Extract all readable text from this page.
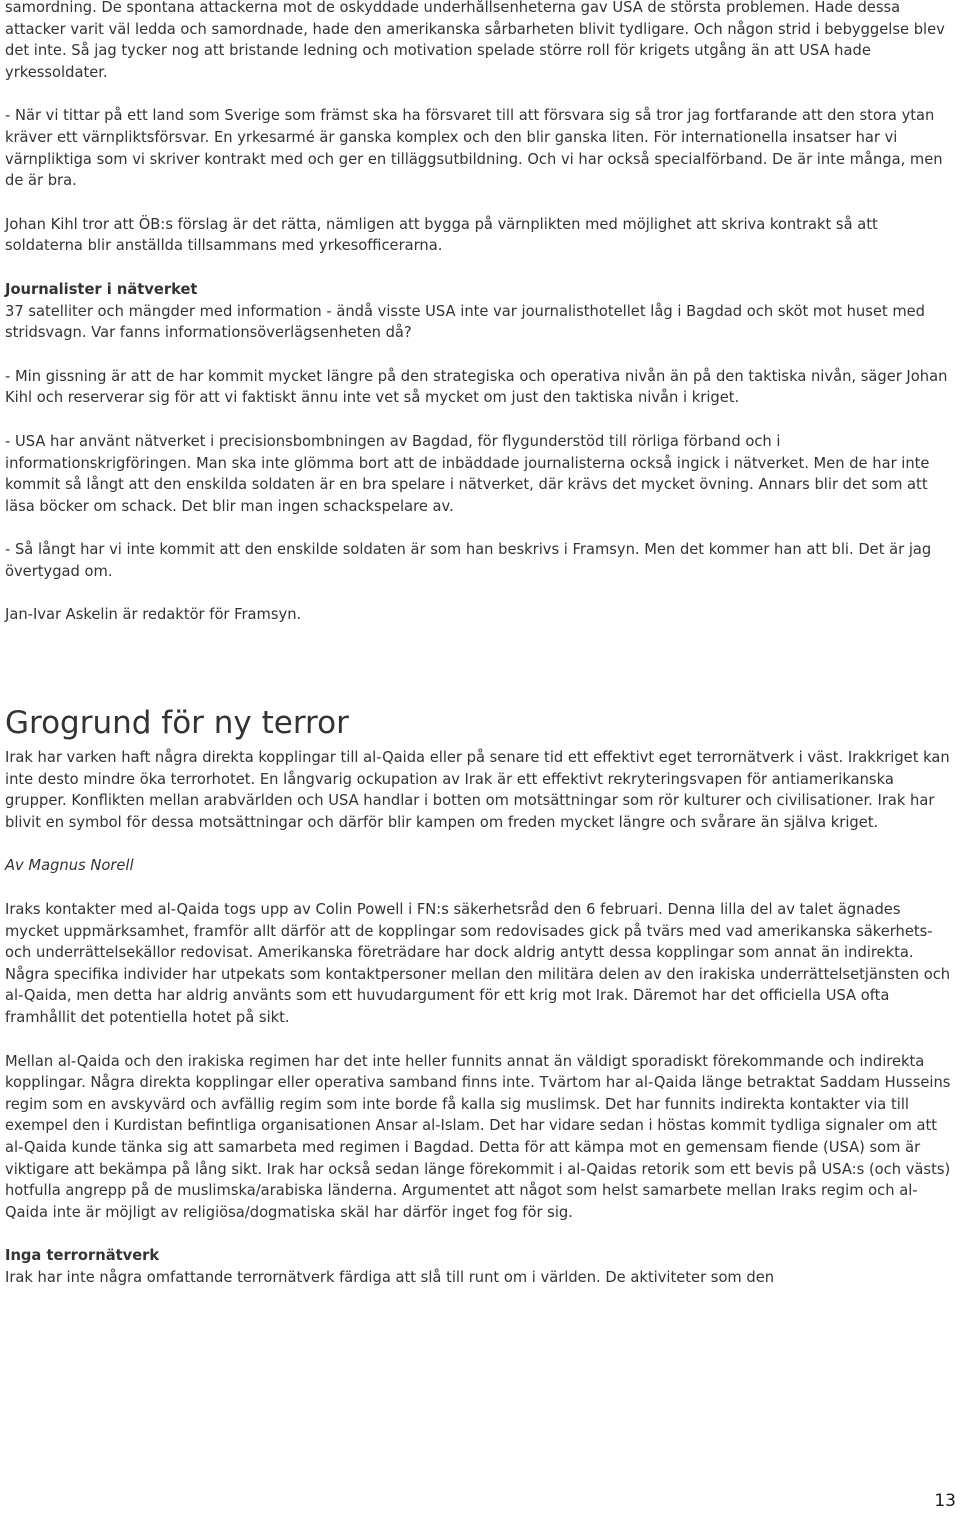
samordning. De spontana attackerna mot de oskyddade underhållsenheterna gav USA de största problemen. Hade dessa attacker varit väl ledda och samordnade, hade den amerikanska sårbarheten blivit tydligare. Och någon strid i bebyggelse blev det inte. Så jag tycker nog att bristande ledning och motivation spelade större roll för krigets utgång än att USA hade yrkessoldater.

- När vi tittar på ett land som Sverige som främst ska ha försvaret till att försvara sig så tror jag fortfarande att den stora ytan kräver ett värnpliktsförsvar. En yrkesarmé är ganska komplex och den blir ganska liten. För internationella insatser har vi värnpliktiga som vi skriver kontrakt med och ger en tilläggsutbildning. Och vi har också specialförband. De är inte många, men de är bra.

Johan Kihl tror att ÖB:s förslag är det rätta, nämligen att bygga på värnplikten med möjlighet att skriva kontrakt så att soldaterna blir anställda tillsammans med yrkesofficerarna.

Journalister i nätverket
37 satelliter och mängder med information - ändå visste USA inte var journalisthotellet låg i Bagdad och sköt mot huset med stridsvagn. Var fanns informationsöverlägsenheten då?

- Min gissning är att de har kommit mycket längre på den strategiska och operativa nivån än på den taktiska nivån, säger Johan Kihl och reserverar sig för att vi faktiskt ännu inte vet så mycket om just den taktiska nivån i kriget.

- USA har använt nätverket i precisionsbombningen av Bagdad, för flygunderstöd till rörliga förband och i informationskrigföringen. Man ska inte glömma bort att de inbäddade journalisterna också ingick i nätverket. Men de har inte kommit så långt att den enskilda soldaten är en bra spelare i nätverket, där krävs det mycket övning. Annars blir det som att läsa böcker om schack. Det blir man ingen schackspelare av.

- Så långt har vi inte kommit att den enskilde soldaten är som han beskrivs i Framsyn. Men det kommer han att bli. Det är jag övertygad om.

Jan-Ivar Askelin är redaktör för Framsyn.

Grogrund för ny terror

Irak har varken haft några direkta kopplingar till al-Qaida eller på senare tid ett effektivt eget terrornätverk i väst. Irakkriget kan inte desto mindre öka terrorhotet. En långvarig ockupation av Irak är ett effektivt rekryteringsvapen för antiamerikanska grupper. Konflikten mellan arabvärlden och USA handlar i botten om motsättningar som rör kulturer och civilisationer. Irak har blivit en symbol för dessa motsättningar och därför blir kampen om freden mycket längre och svårare än själva kriget.

Av Magnus Norell

Iraks kontakter med al-Qaida togs upp av Colin Powell i FN:s säkerhetsråd den 6 februari. Denna lilla del av talet ägnades mycket uppmärksamhet, framför allt därför att de kopplingar som redovisades gick på tvärs med vad amerikanska säkerhets- och underrättelsekällor redovisat. Amerikanska företrädare har dock aldrig antytt dessa kopplingar som annat än indirekta. Några specifika individer har utpekats som kontaktpersoner mellan den militära delen av den irakiska underrättelsetjänsten och al-Qaida, men detta har aldrig använts som ett huvudargument för ett krig mot Irak. Däremot har det officiella USA ofta framhållit det potentiella hotet på sikt.

Mellan al-Qaida och den irakiska regimen har det inte heller funnits annat än väldigt sporadiskt förekommande och indirekta kopplingar. Några direkta kopplingar eller operativa samband finns inte. Tvärtom har al-Qaida länge betraktat Saddam Husseins regim som en avskyvärd och avfällig regim som inte borde få kalla sig muslimsk. Det har funnits indirekta kontakter via till exempel den i Kurdistan befintliga organisationen Ansar al-Islam. Det har vidare sedan i höstas kommit tydliga signaler om att al-Qaida kunde tänka sig att samarbeta med regimen i Bagdad. Detta för att kämpa mot en gemensam fiende (USA) som är viktigare att bekämpa på lång sikt. Irak har också sedan länge förekommit i al-Qaidas retorik som ett bevis på USA:s (och västs) hotfulla angrepp på de muslimska/arabiska länderna. Argumentet att något som helst samarbete mellan Iraks regim och al-Qaida inte är möjligt av religiösa/dogmatiska skäl har därför inget fog för sig.

Inga terrornätverk
Irak har inte några omfattande terrornätverk färdiga att slå till runt om i världen. De aktiviteter som den

13
